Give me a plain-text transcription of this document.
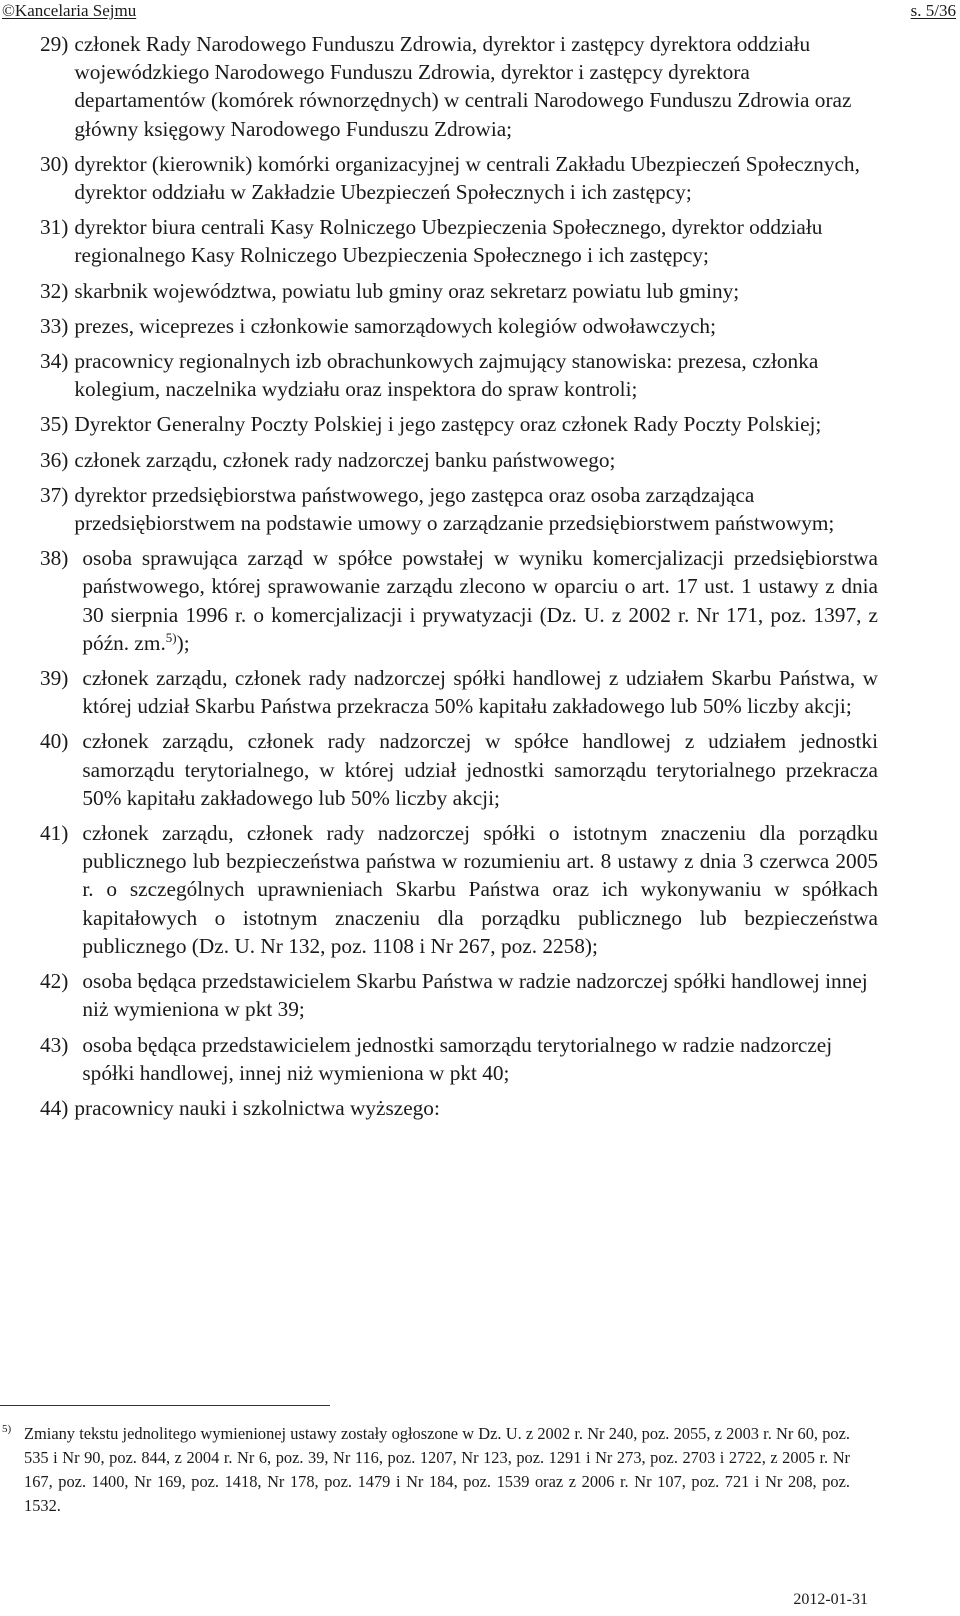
©Kancelaria Sejmu	s. 5/36
29) członek Rady Narodowego Funduszu Zdrowia, dyrektor i zastępcy dyrektora oddziału wojewódzkiego Narodowego Funduszu Zdrowia, dyrektor i zastępcy dyrektora departamentów (komórek równorzędnych) w centrali Narodowego Funduszu Zdrowia oraz główny księgowy Narodowego Funduszu Zdrowia;
30) dyrektor (kierownik) komórki organizacyjnej w centrali Zakładu Ubezpieczeń Społecznych, dyrektor oddziału w Zakładzie Ubezpieczeń Społecznych i ich zastępcy;
31) dyrektor biura centrali Kasy Rolniczego Ubezpieczenia Społecznego, dyrektor oddziału regionalnego Kasy Rolniczego Ubezpieczenia Społecznego i ich zastępcy;
32) skarbnik województwa, powiatu lub gminy oraz sekretarz powiatu lub gminy;
33) prezes, wiceprezes i członkowie samorządowych kolegiów odwoławczych;
34) pracownicy regionalnych izb obrachunkowych zajmujący stanowiska: prezesa, członka kolegium, naczelnika wydziału oraz inspektora do spraw kontroli;
35) Dyrektor Generalny Poczty Polskiej i jego zastępcy oraz członek Rady Poczty Polskiej;
36) członek zarządu, członek rady nadzorczej banku państwowego;
37) dyrektor przedsiębiorstwa państwowego, jego zastępca oraz osoba zarządzająca przedsiębiorstwem na podstawie umowy o zarządzanie przedsiębiorstwem państwowym;
38) osoba sprawująca zarząd w spółce powstałej w wyniku komercjalizacji przedsiębiorstwa państwowego, której sprawowanie zarządu zlecono w oparciu o art. 17 ust. 1 ustawy z dnia 30 sierpnia 1996 r. o komercjalizacji i prywatyzacji (Dz. U. z 2002 r. Nr 171, poz. 1397, z późn. zm.$^{5)}$);
39) członek zarządu, członek rady nadzorczej spółki handlowej z udziałem Skarbu Państwa, w której udział Skarbu Państwa przekracza 50% kapitału zakładowego lub 50% liczby akcji;
40) członek zarządu, członek rady nadzorczej w spółce handlowej z udziałem jednostki samorządu terytorialnego, w której udział jednostki samorządu terytorialnego przekracza 50% kapitału zakładowego lub 50% liczby akcji;
41) członek zarządu, członek rady nadzorczej spółki o istotnym znaczeniu dla porządku publicznego lub bezpieczeństwa państwa w rozumieniu art. 8 ustawy z dnia 3 czerwca 2005 r. o szczególnych uprawnieniach Skarbu Państwa oraz ich wykonywaniu w spółkach kapitałowych o istotnym znaczeniu dla porządku publicznego lub bezpieczeństwa publicznego (Dz. U. Nr 132, poz. 1108 i Nr 267, poz. 2258);
42) osoba będąca przedstawicielem Skarbu Państwa w radzie nadzorczej spółki handlowej innej niż wymieniona w pkt 39;
43) osoba będąca przedstawicielem jednostki samorządu terytorialnego w radzie nadzorczej spółki handlowej, innej niż wymieniona w pkt 40;
44) pracownicy nauki i szkolnictwa wyższego:
5) Zmiany tekstu jednolitego wymienionej ustawy zostały ogłoszone w Dz. U. z 2002 r. Nr 240, poz. 2055, z 2003 r. Nr 60, poz. 535 i Nr 90, poz. 844, z 2004 r. Nr 6, poz. 39, Nr 116, poz. 1207, Nr 123, poz. 1291 i Nr 273, poz. 2703 i 2722, z 2005 r. Nr 167, poz. 1400, Nr 169, poz. 1418, Nr 178, poz. 1479 i Nr 184, poz. 1539 oraz z 2006 r. Nr 107, poz. 721 i Nr 208, poz. 1532.
2012-01-31
